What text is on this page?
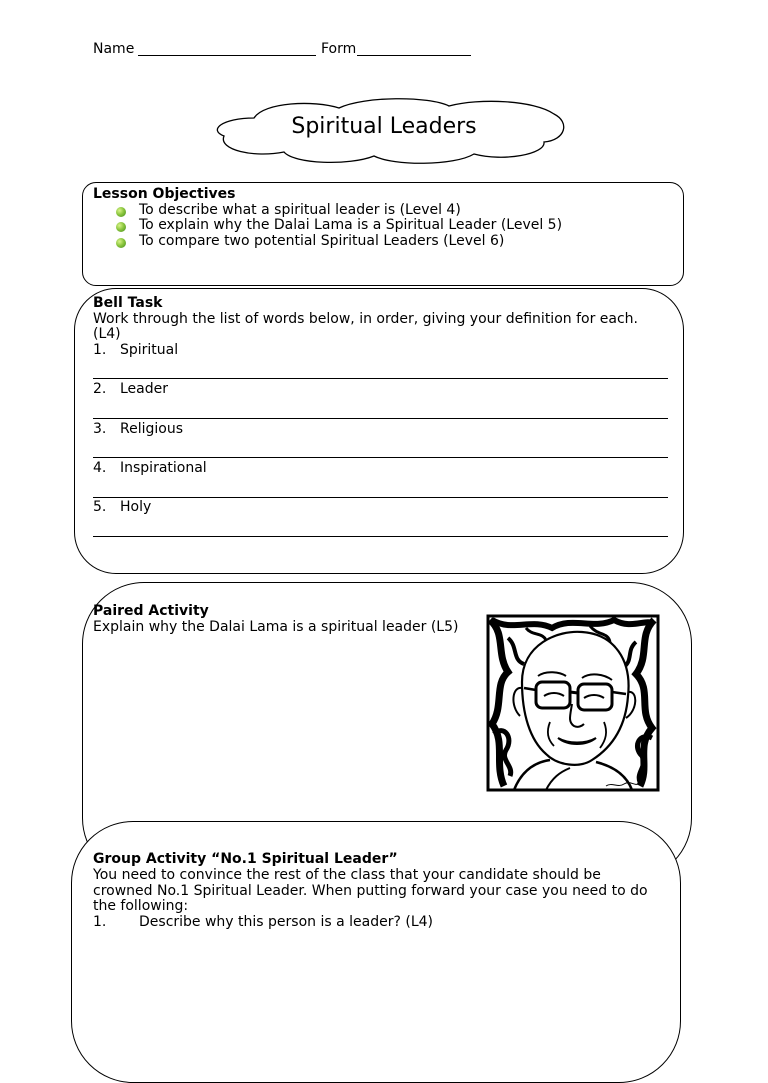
Name	Form
Spiritual Leaders
Lesson Objectives
To describe what a spiritual leader is (Level 4)
To explain why the Dalai Lama is a Spiritual Leader (Level 5)
To compare two potential Spiritual Leaders (Level 6)
Bell Task
Work through the list of words below, in order, giving your definition for each.
(L4)
1. Spiritual
2. Leader
3. Religious
4. Inspirational
5. Holy
Paired Activity
Explain why the Dalai Lama is a spiritual leader (L5)
Group Activity “No.1 Spiritual Leader”
You need to convince the rest of the class that your candidate should be
crowned No.1 Spiritual Leader. When putting forward your case you need to do
the following:
1. Describe why this person is a leader? (L4)
